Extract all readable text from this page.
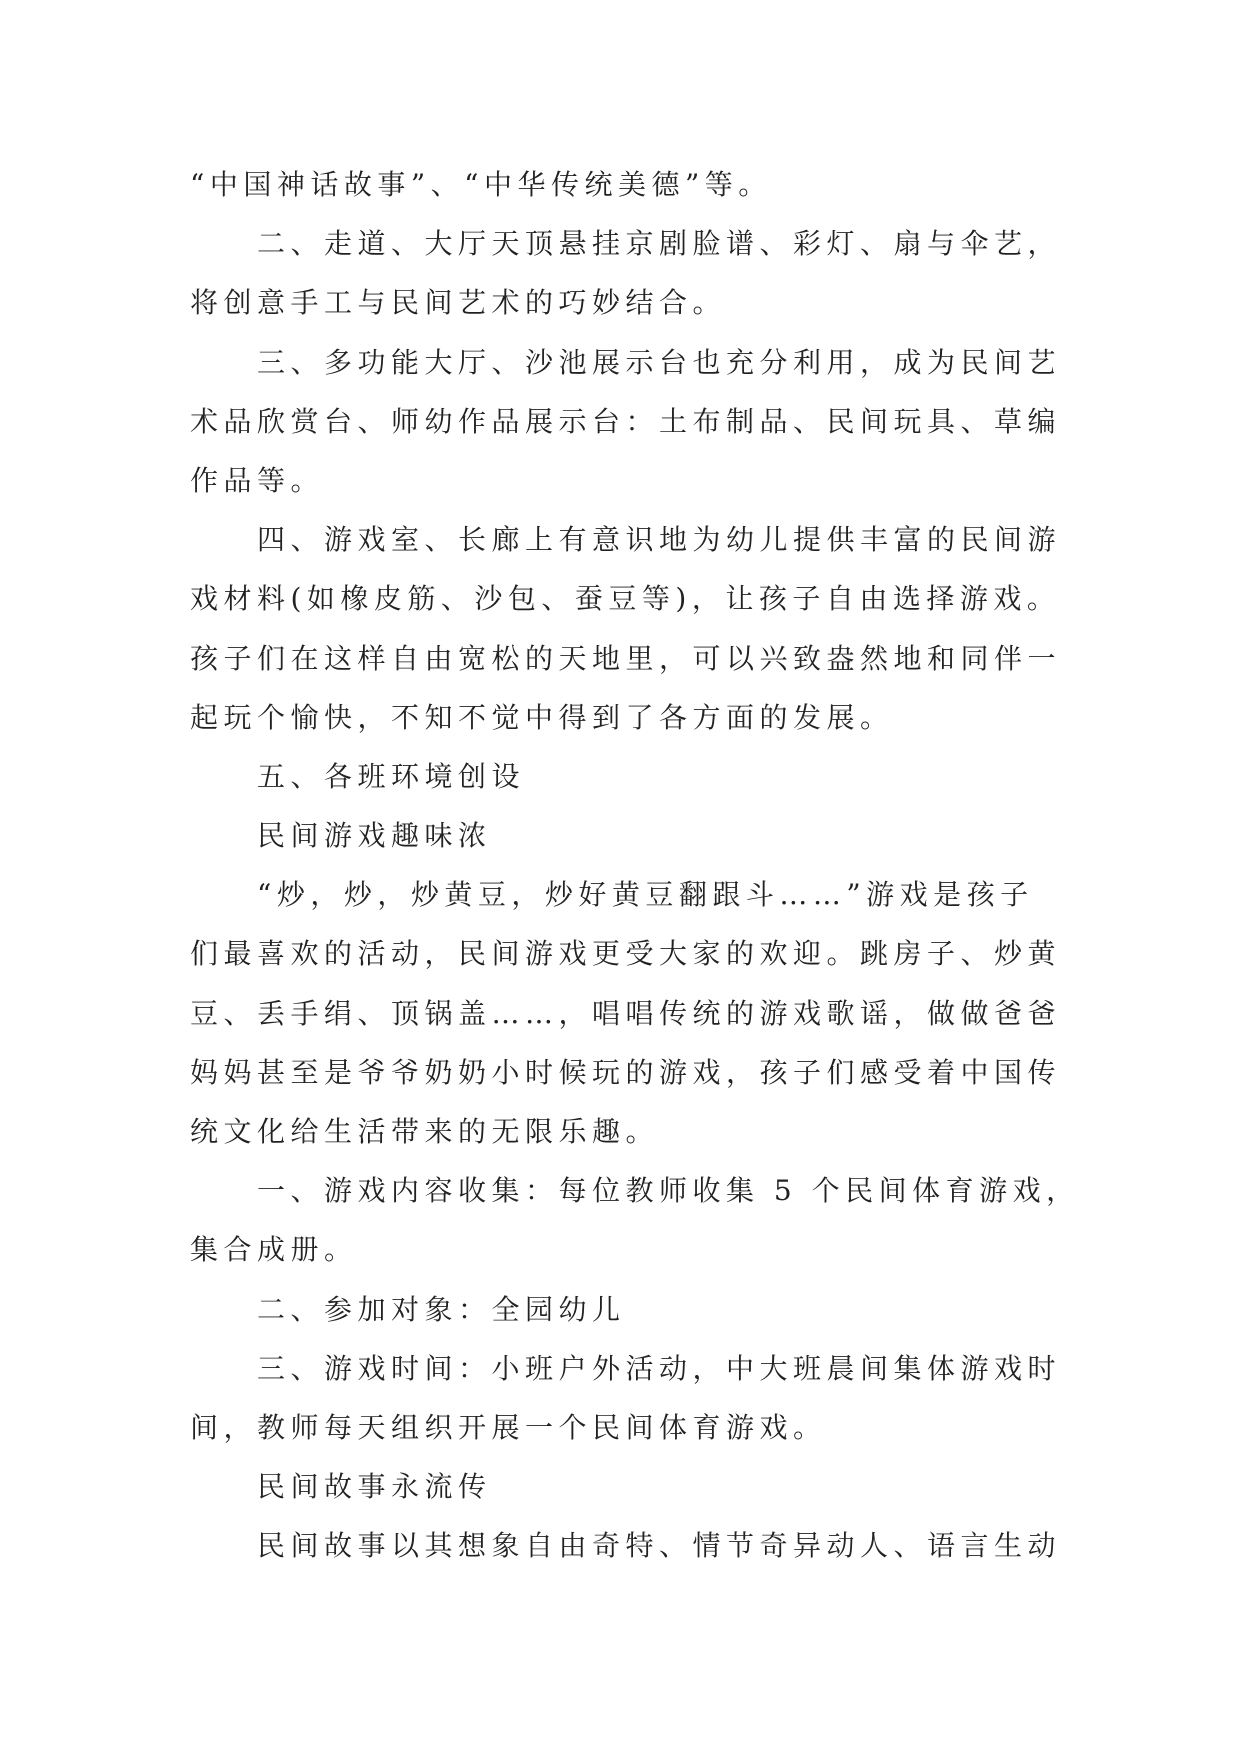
“中国神话故事”、“中华传统美德”等。
二、走道、大厅天顶悬挂京剧脸谱、彩灯、扇与伞艺，
将创意手工与民间艺术的巧妙结合。
三、多功能大厅、沙池展示台也充分利用，成为民间艺
术品欣赏台、师幼作品展示台：土布制品、民间玩具、草编
作品等。
四、游戏室、长廊上有意识地为幼儿提供丰富的民间游
戏材料(如橡皮筋、沙包、蚕豆等)，让孩子自由选择游戏。
孩子们在这样自由宽松的天地里，可以兴致盎然地和同伴一
起玩个愉快，不知不觉中得到了各方面的发展。
五、各班环境创设
民间游戏趣味浓
“炒，炒，炒黄豆，炒好黄豆翻跟斗……”游戏是孩子
们最喜欢的活动，民间游戏更受大家的欢迎。跳房子、炒黄
豆、丢手绢、顶锅盖……，唱唱传统的游戏歌谣，做做爸爸
妈妈甚至是爷爷奶奶小时候玩的游戏，孩子们感受着中国传
统文化给生活带来的无限乐趣。
一、游戏内容收集：每位教师收集 5 个民间体育游戏，
集合成册。
二、参加对象：全园幼儿
三、游戏时间：小班户外活动，中大班晨间集体游戏时
间，教师每天组织开展一个民间体育游戏。
民间故事永流传
民间故事以其想象自由奇特、情节奇异动人、语言生动
